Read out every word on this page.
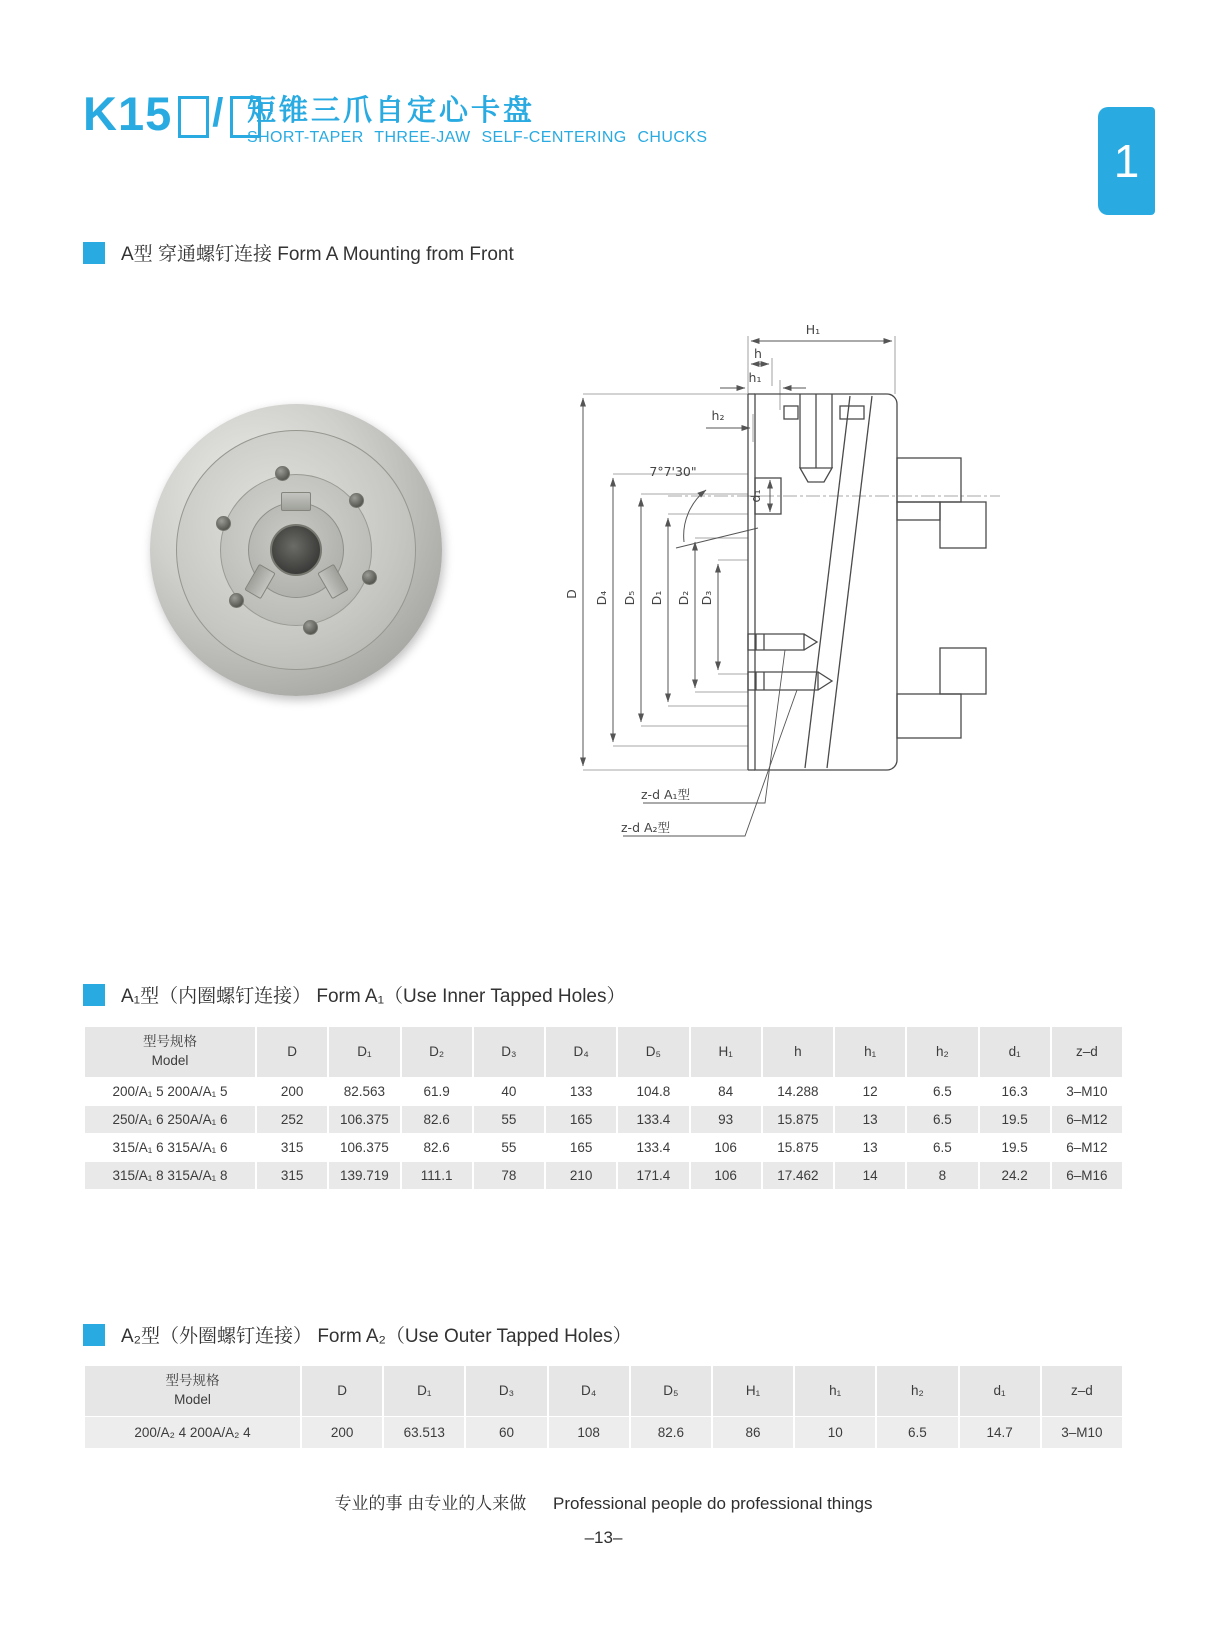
K15 / 短锥三爪自定心卡盘
SHORT-TAPER THREE-JAW SELF-CENTERING CHUCKS	1
A型 穿通螺钉连接 Form A Mounting from Front
H₁
h
h₁
h₂
7°7'30"
d₁
D D₄ D₅ D₁ D₂ D₃
z-d A₁型
z-d A₂型
A₁型（内圈螺钉连接） Form A₁（Use Inner Tapped Holes）
型号规格
Model	D	D₁	D₂	D₃	D₄	D₅	H₁	h	h₁	h₂	d₁	z–d
200/A₁ 5 200A/A₁ 5	200	82.563	61.9	40	133	104.8	84	14.288	12	6.5	16.3	3–M10
250/A₁ 6 250A/A₁ 6	252	106.375	82.6	55	165	133.4	93	15.875	13	6.5	19.5	6–M12
315/A₁ 6 315A/A₁ 6	315	106.375	82.6	55	165	133.4	106	15.875	13	6.5	19.5	6–M12
315/A₁ 8 315A/A₁ 8	315	139.719	111.1	78	210	171.4	106	17.462	14	8	24.2	6–M16
A₂型（外圈螺钉连接） Form A₂（Use Outer Tapped Holes）
型号规格
Model	D	D₁	D₃	D₄	D₅	H₁	h₁	h₂	d₁	z–d
200/A₂ 4 200A/A₂ 4	200	63.513	60	108	82.6	86	10	6.5	14.7	3–M10
专业的事 由专业的人来做 Professional people do professional things
–13–
